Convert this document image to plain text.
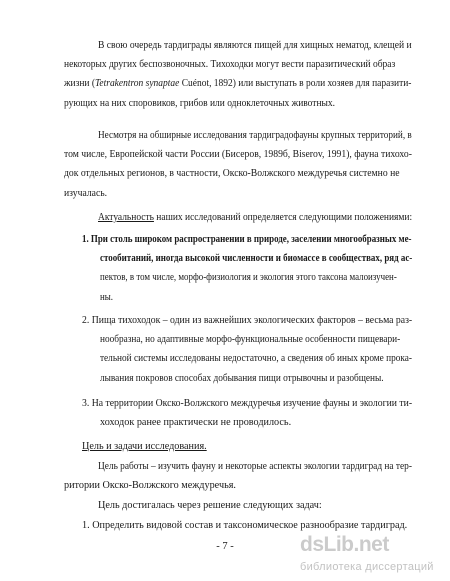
В свою очередь тардиграды являются пищей для хищных нематод, клещей и
некоторых других беспозвоночных. Тихоходки могут вести паразитический образ
жизни (Tetrakentron synaptae Cuénot, 1892) или выступать в роли хозяев для паразити-
рующих на них споровиков, грибов или одноклеточных животных.
Несмотря на обширные исследования тардиградофауны крупных территорий, в
том числе, Европейской части России (Бисеров, 1989б, Biserov, 1991), фауна тихохо-
док отдельных регионов, в частности, Окско-Волжского междуречья системно не
изучалась.
Актуальность наших исследований определяется следующими положениями:
1. При столь широком распространении в природе, заселении многообразных ме-
стообитаний, иногда высокой численности и биомассе в сообществах, ряд ас-
пектов, в том числе, морфо-физиология и экология этого таксона малоизучен-
ны.
2. Пища тихоходок – один из важнейших экологических факторов – весьма раз-
нообразна, но адаптивные морфо-функциональные особенности пищевари-
тельной системы исследованы недостаточно, а сведения об иных кроме прока-
лывания покровов способах добывания пищи отрывочны и разобщены.
3. На территории Окско-Волжского междуречья изучение фауны и экологии ти-
хоходок ранее практически не проводилось.
Цель и задачи исследования.
Цель работы – изучить фауну и некоторые аспекты экологии тардиград на тер-
ритории Окско-Волжского междуречья.
Цель достигалась через решение следующих задач:
1. Определить видовой состав и таксономическое разнообразие тардиград.
- 7 -	dsLib.net
библиотека диссертаций
